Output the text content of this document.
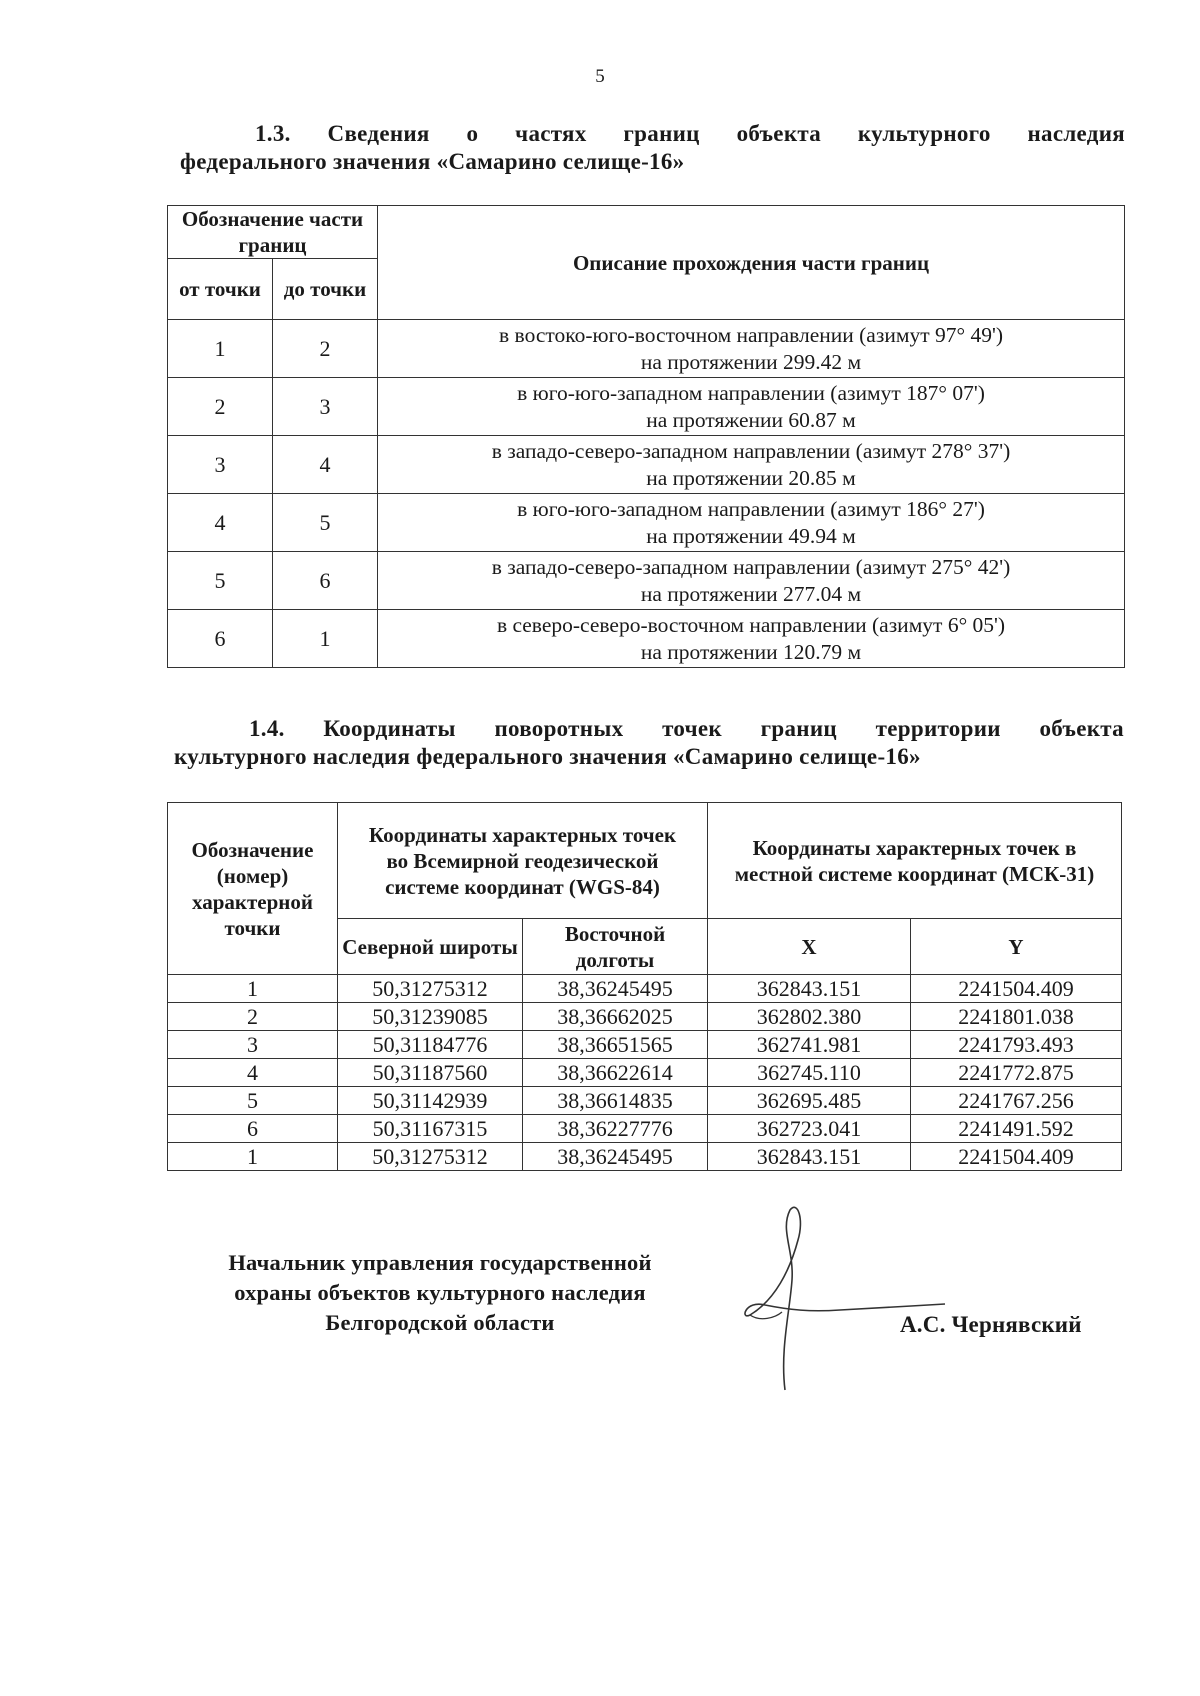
5
1.3. Сведения о частях границ объекта культурного наследия
федерального значения «Самарино селище-16»
Обозначение части границ		Описание прохождения части границ
от точки	до точки	
1	2	в востоко-юго-восточном направлении (азимут 97° 49')
на протяжении 299.42 м

2	3	в юго-юго-западном направлении (азимут 187° 07')
на протяжении 60.87 м

3	4	в западо-северо-западном направлении (азимут 278° 37')
на протяжении 20.85 м

4	5	в юго-юго-западном направлении (азимут 186° 27')
на протяжении 49.94 м

5	6	в западо-северо-западном направлении (азимут 275° 42')
на протяжении 277.04 м

6	1	в северо-северо-восточном направлении (азимут 6° 05')
на протяжении 120.79 м
1.4. Координаты поворотных точек границ территории объекта
культурного наследия федерального значения «Самарино селище-16»
Обозначение (номер) характерной точки	Координаты характерных точек во Всемирной геодезической системе координат (WGS-84)		Координаты характерных точек в местной системе координат (МСК-31)	
	Северной широты	Восточной долготы	X	Y
1	50,31275312	38,36245495	362843.151	2241504.409
2	50,31239085	38,36662025	362802.380	2241801.038
3	50,31184776	38,36651565	362741.981	2241793.493
4	50,31187560	38,36622614	362745.110	2241772.875
5	50,31142939	38,36614835	362695.485	2241767.256
6	50,31167315	38,36227776	362723.041	2241491.592
1	50,31275312	38,36245495	362843.151	2241504.409
Начальник управления государственной
охраны объектов культурного наследия
Белгородской области	А.С. Чернявский
